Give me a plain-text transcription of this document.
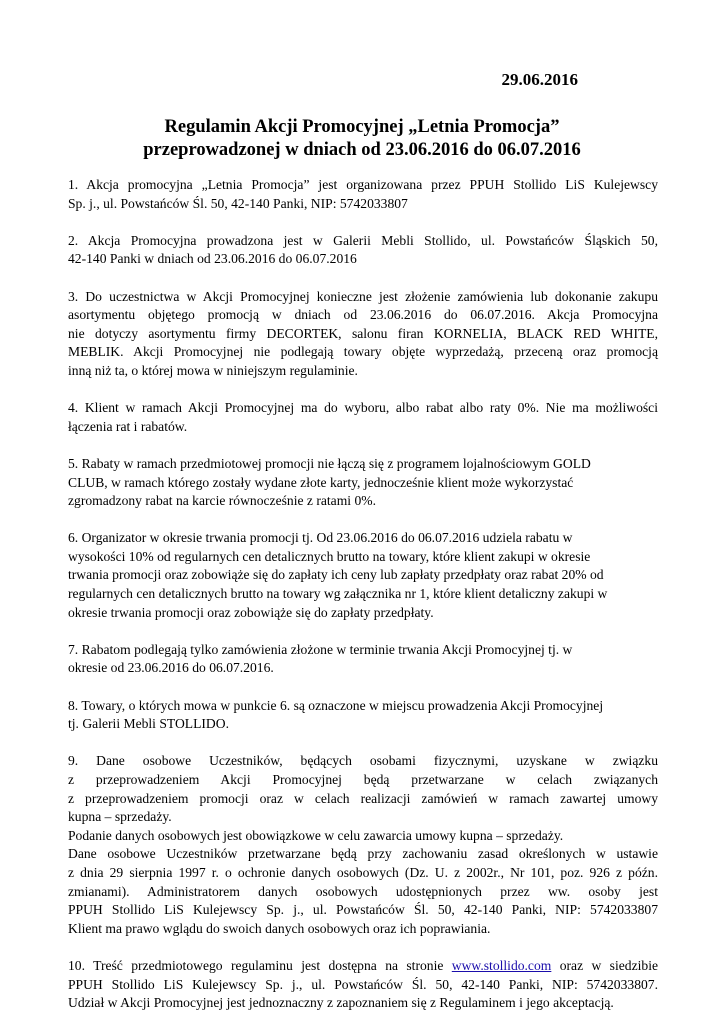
29.06.2016
Regulamin Akcji Promocyjnej „Letnia Promocja”
przeprowadzonej w dniach od 23.06.2016 do 06.07.2016
1. Akcja promocyjna „Letnia Promocja” jest organizowana przez PPUH Stollido LiS Kulejewscy
Sp. j., ul. Powstańców Śl. 50, 42-140 Panki, NIP: 5742033807
2. Akcja Promocyjna prowadzona jest w Galerii Mebli Stollido, ul. Powstańców Śląskich 50,
42-140 Panki w dniach od 23.06.2016 do 06.07.2016
3. Do uczestnictwa w Akcji Promocyjnej konieczne jest złożenie zamówienia lub dokonanie zakupu
asortymentu objętego promocją w dniach od 23.06.2016 do 06.07.2016. Akcja Promocyjna
nie dotyczy asortymentu firmy DECORTEK, salonu firan KORNELIA, BLACK RED WHITE,
MEBLIK. Akcji Promocyjnej nie podlegają towary objęte wyprzedażą, przeceną oraz promocją
inną niż ta, o której mowa w niniejszym regulaminie.
4. Klient w ramach Akcji Promocyjnej ma do wyboru, albo rabat albo raty 0%. Nie ma możliwości
łączenia rat i rabatów.
5. Rabaty w ramach przedmiotowej promocji nie łączą się z programem lojalnościowym GOLD
CLUB, w ramach którego zostały wydane złote karty, jednocześnie klient może wykorzystać
zgromadzony rabat na karcie równocześnie z ratami 0%.
6. Organizator w okresie trwania promocji tj. Od 23.06.2016 do 06.07.2016 udziela rabatu w
wysokości 10% od regularnych cen detalicznych brutto na towary, które klient zakupi w okresie
trwania promocji oraz zobowiąże się do zapłaty ich ceny lub zapłaty przedpłaty oraz rabat 20% od
regularnych cen detalicznych brutto na towary wg załącznika nr 1, które klient detaliczny zakupi w
okresie trwania promocji oraz zobowiąże się do zapłaty przedpłaty.
7. Rabatom podlegają tylko zamówienia złożone w terminie trwania Akcji Promocyjnej tj. w
okresie od 23.06.2016 do 06.07.2016.
8. Towary, o których mowa w punkcie 6. są oznaczone w miejscu prowadzenia Akcji Promocyjnej
tj. Galerii Mebli STOLLIDO.
9. Dane osobowe Uczestników, będących osobami fizycznymi, uzyskane w związku
z przeprowadzeniem Akcji Promocyjnej będą przetwarzane w celach związanych
z przeprowadzeniem promocji oraz w celach realizacji zamówień w ramach zawartej umowy
kupna – sprzedaży.
Podanie danych osobowych jest obowiązkowe w celu zawarcia umowy kupna – sprzedaży.
Dane osobowe Uczestników przetwarzane będą przy zachowaniu zasad określonych w ustawie
z dnia 29 sierpnia 1997 r. o ochronie danych osobowych (Dz. U. z 2002r., Nr 101, poz. 926 z późn.
zmianami). Administratorem danych osobowych udostępnionych przez ww. osoby jest
PPUH Stollido LiS Kulejewscy Sp. j., ul. Powstańców Śl. 50, 42-140 Panki, NIP: 5742033807
Klient ma prawo wglądu do swoich danych osobowych oraz ich poprawiania.
10. Treść przedmiotowego regulaminu jest dostępna na stronie www.stollido.com oraz w siedzibie
PPUH Stollido LiS Kulejewscy Sp. j., ul. Powstańców Śl. 50, 42-140 Panki, NIP: 5742033807.
Udział w Akcji Promocyjnej jest jednoznaczny z zapoznaniem się z Regulaminem i jego akceptacją.
